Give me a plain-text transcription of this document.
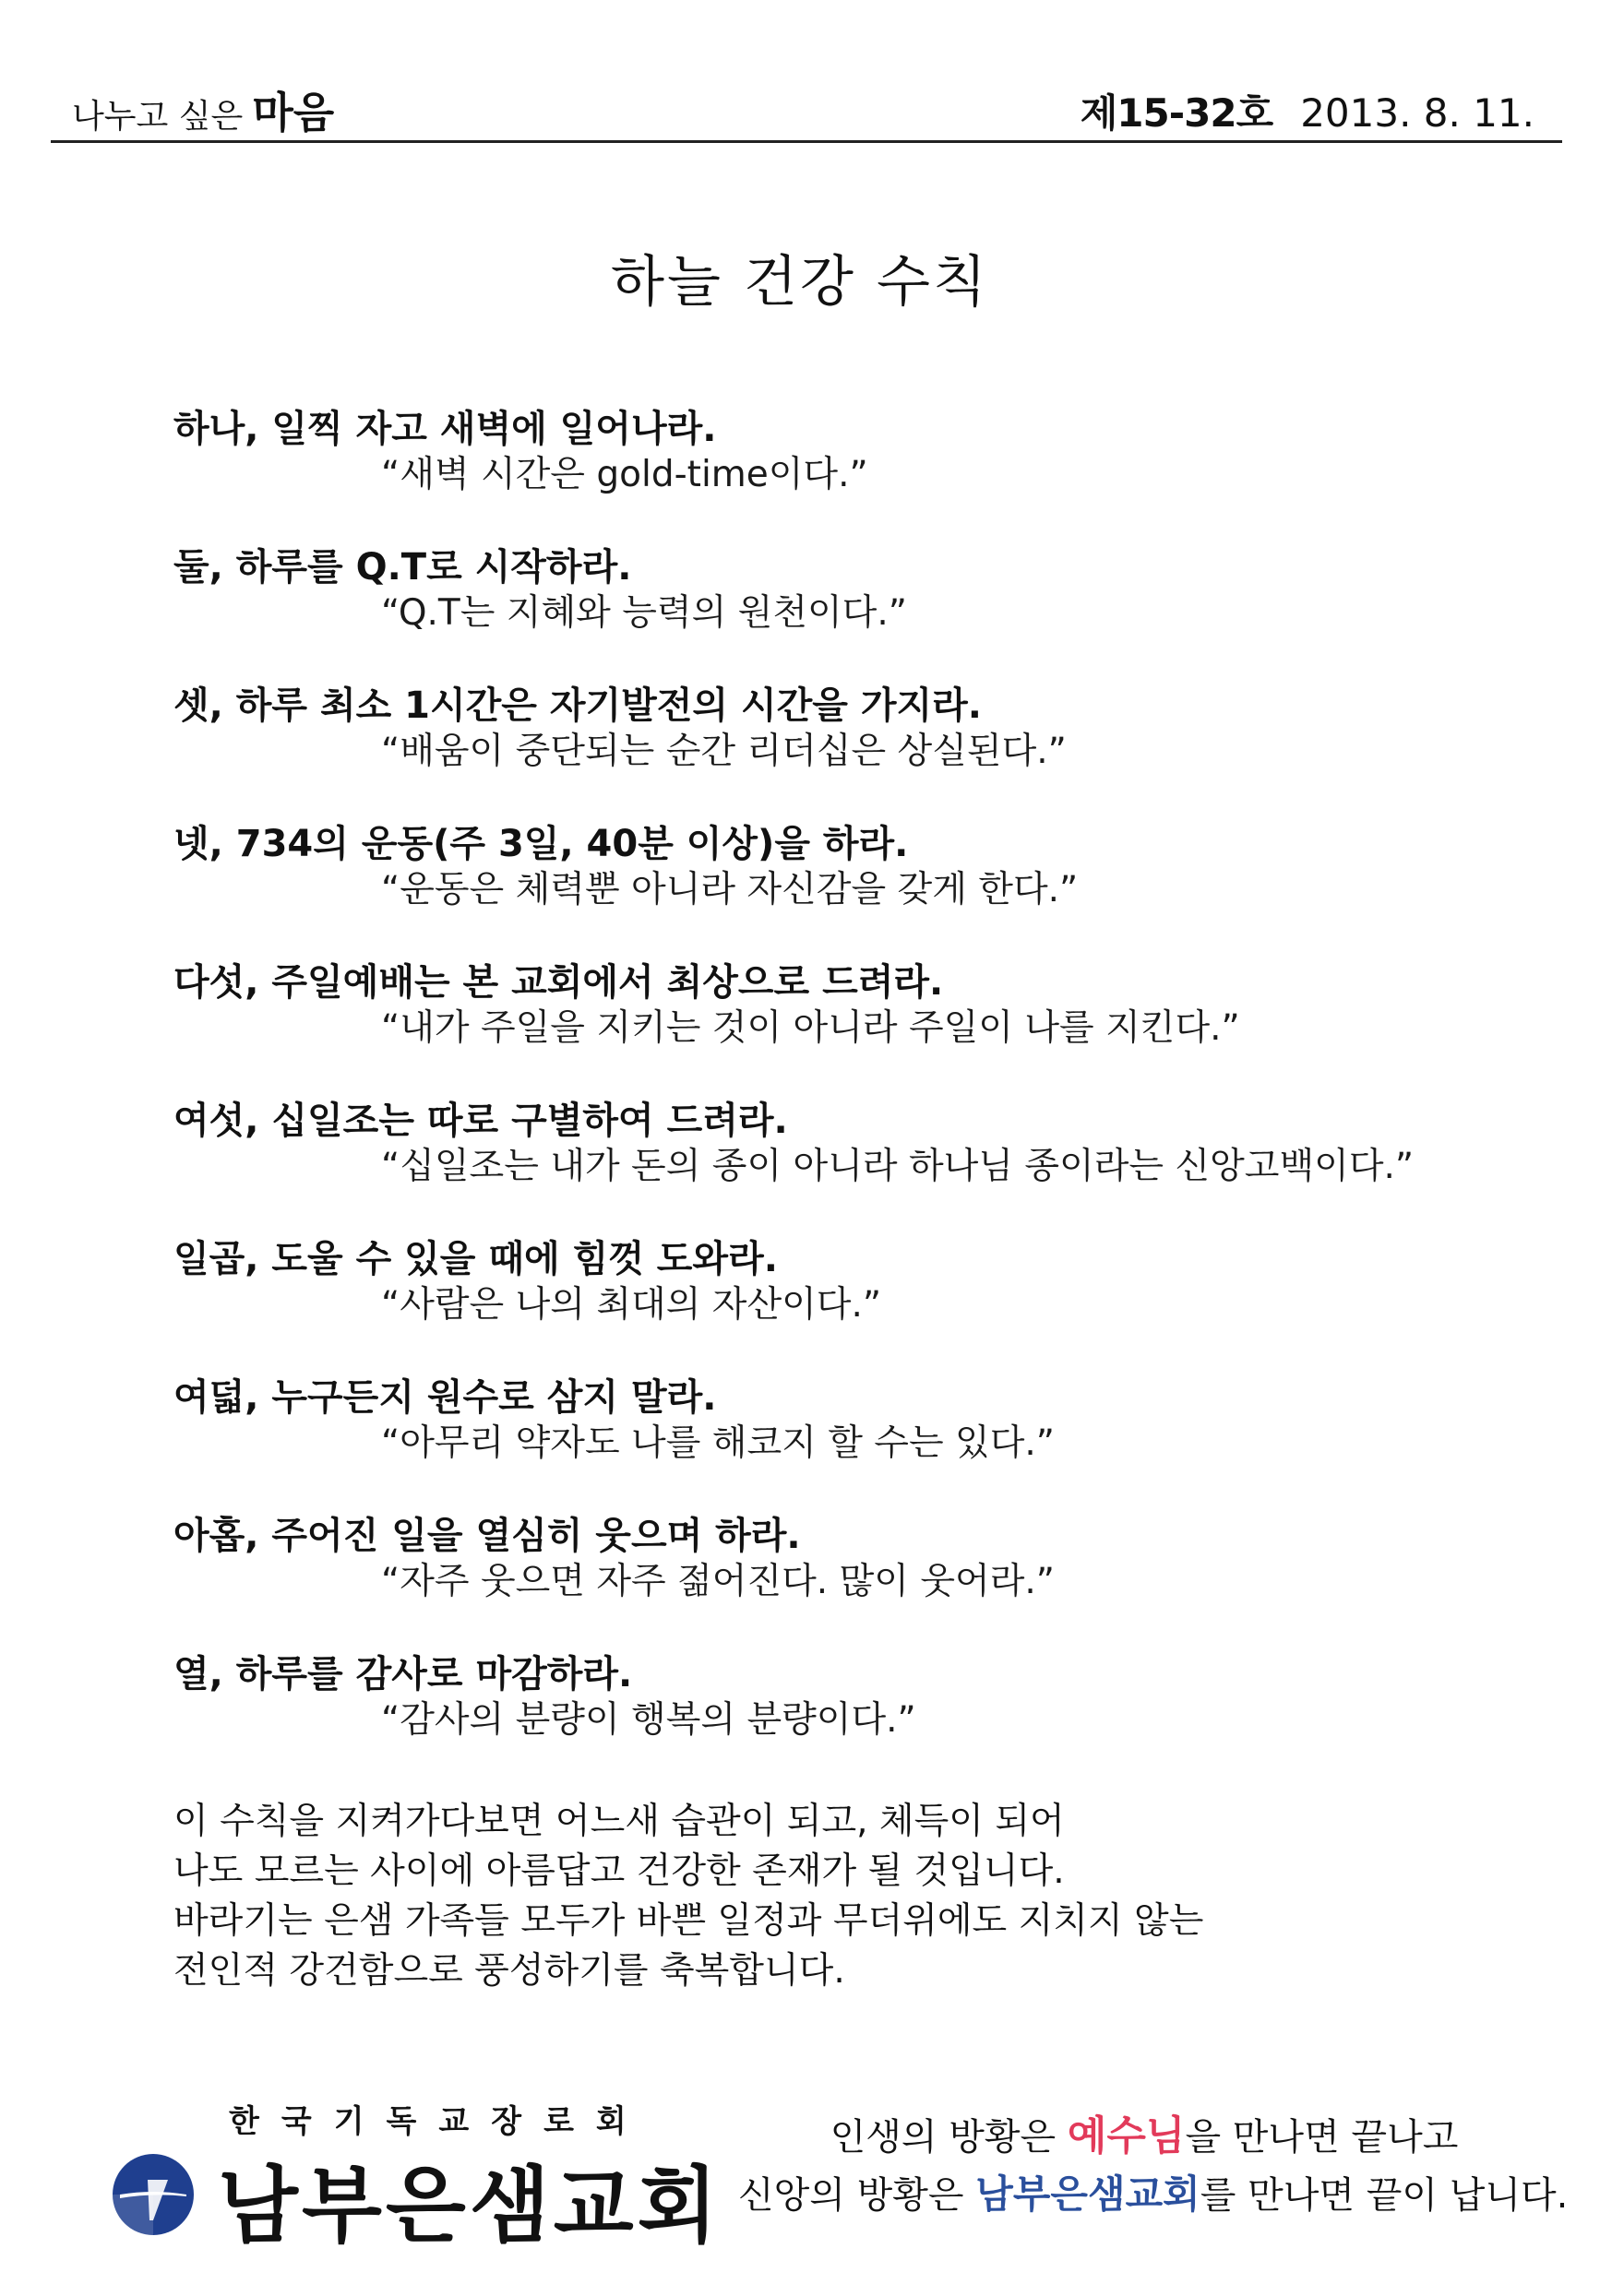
나누고 싶은 마음	제15-32호 2013. 8. 11.
하늘 건강 수칙
하나, 일찍 자고 새벽에 일어나라.
“새벽 시간은 gold-time이다.”
둘, 하루를 Q.T로 시작하라.
“Q.T는 지혜와 능력의 원천이다.”
셋, 하루 최소 1시간은 자기발전의 시간을 가지라.
“배움이 중단되는 순간 리더십은 상실된다.”
넷, 734의 운동(주 3일, 40분 이상)을 하라.
“운동은 체력뿐 아니라 자신감을 갖게 한다.”
다섯, 주일예배는 본 교회에서 최상으로 드려라.
“내가 주일을 지키는 것이 아니라 주일이 나를 지킨다.”
여섯, 십일조는 따로 구별하여 드려라.
“십일조는 내가 돈의 종이 아니라 하나님 종이라는 신앙고백이다.”
일곱, 도울 수 있을 때에 힘껏 도와라.
“사람은 나의 최대의 자산이다.”
여덟, 누구든지 원수로 삼지 말라.
“아무리 약자도 나를 해코지 할 수는 있다.”
아홉, 주어진 일을 열심히 웃으며 하라.
“자주 웃으면 자주 젊어진다. 많이 웃어라.”
열, 하루를 감사로 마감하라.
“감사의 분량이 행복의 분량이다.”
이 수칙을 지켜가다보면 어느새 습관이 되고, 체득이 되어
나도 모르는 사이에 아름답고 건강한 존재가 될 것입니다.
바라기는 은샘 가족들 모두가 바쁜 일정과 무더위에도 지치지 않는
전인적 강건함으로 풍성하기를 축복합니다.
한국기독교장로회
남부은샘교회
인생의 방황은 예수님을 만나면 끝나고
신앙의 방황은 남부은샘교회를 만나면 끝이 납니다.
